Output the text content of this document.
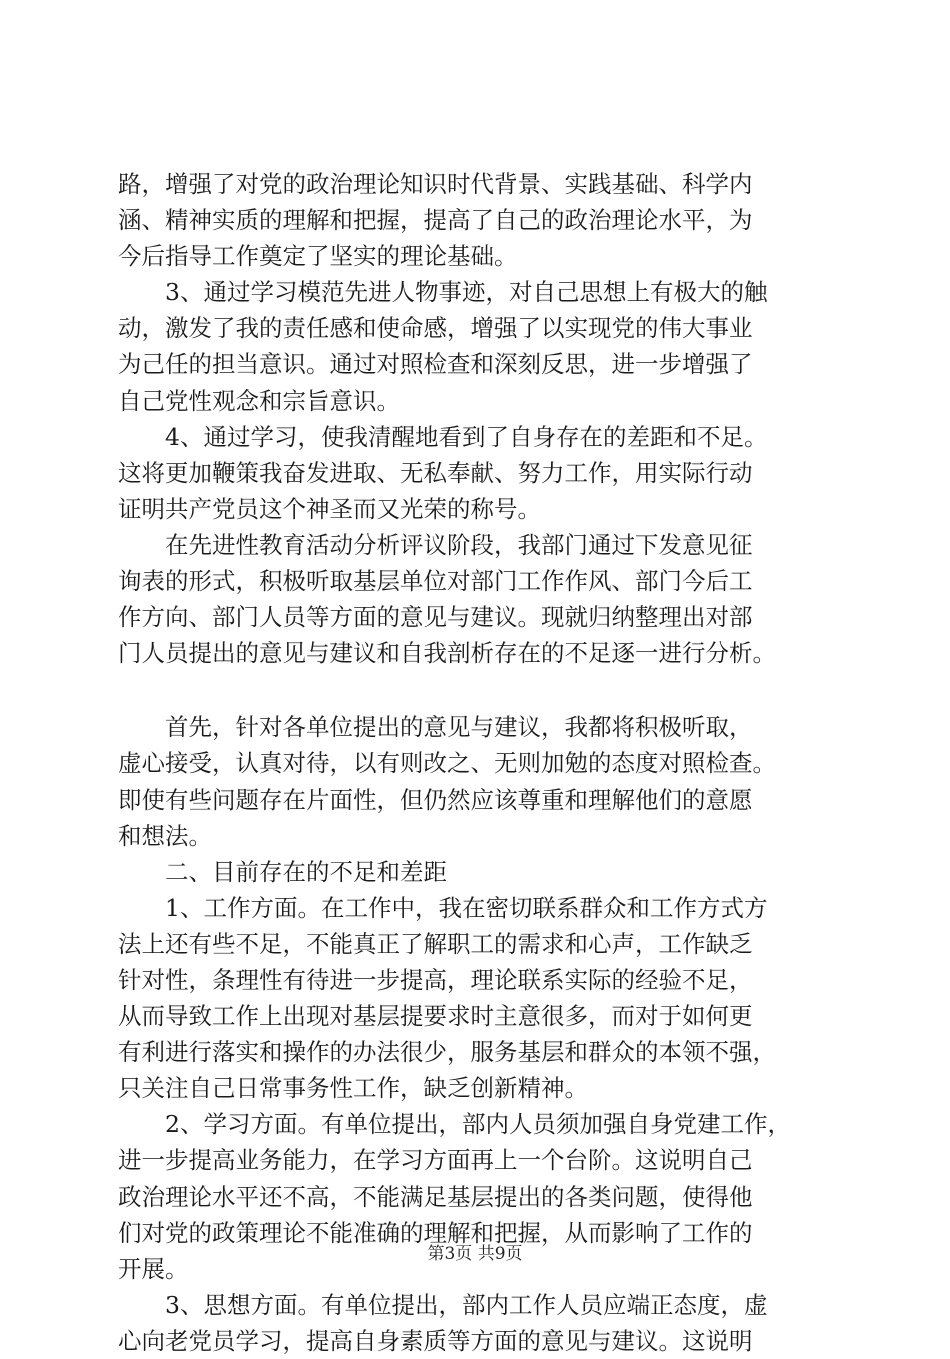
路，增强了对党的政治理论知识时代背景、实践基础、科学内
涵、精神实质的理解和把握，提高了自己的政治理论水平，为
今后指导工作奠定了坚实的理论基础。
　　3、通过学习模范先进人物事迹，对自己思想上有极大的触
动，激发了我的责任感和使命感，增强了以实现党的伟大事业
为己任的担当意识。通过对照检查和深刻反思，进一步增强了
自己党性观念和宗旨意识。
　　4、通过学习，使我清醒地看到了自身存在的差距和不足。
这将更加鞭策我奋发进取、无私奉献、努力工作，用实际行动
证明共产党员这个神圣而又光荣的称号。
　　在先进性教育活动分析评议阶段，我部门通过下发意见征
询表的形式，积极听取基层单位对部门工作作风、部门今后工
作方向、部门人员等方面的意见与建议。现就归纳整理出对部
门人员提出的意见与建议和自我剖析存在的不足逐一进行分析。
　　首先，针对各单位提出的意见与建议，我都将积极听取，
虚心接受，认真对待，以有则改之、无则加勉的态度对照检查。
即使有些问题存在片面性，但仍然应该尊重和理解他们的意愿
和想法。
　　二、目前存在的不足和差距
　　1、工作方面。在工作中，我在密切联系群众和工作方式方
法上还有些不足，不能真正了解职工的需求和心声，工作缺乏
针对性，条理性有待进一步提高，理论联系实际的经验不足，
从而导致工作上出现对基层提要求时主意很多，而对于如何更
有利进行落实和操作的办法很少，服务基层和群众的本领不强，
只关注自己日常事务性工作，缺乏创新精神。
　　2、学习方面。有单位提出，部内人员须加强自身党建工作，
进一步提高业务能力，在学习方面再上一个台阶。这说明自己
政治理论水平还不高，不能满足基层提出的各类问题，使得他
们对党的政策理论不能准确的理解和把握，从而影响了工作的
开展。
　　3、思想方面。有单位提出，部内工作人员应端正态度，虚
心向老党员学习，提高自身素质等方面的意见与建议。这说明
第3页 共9页
